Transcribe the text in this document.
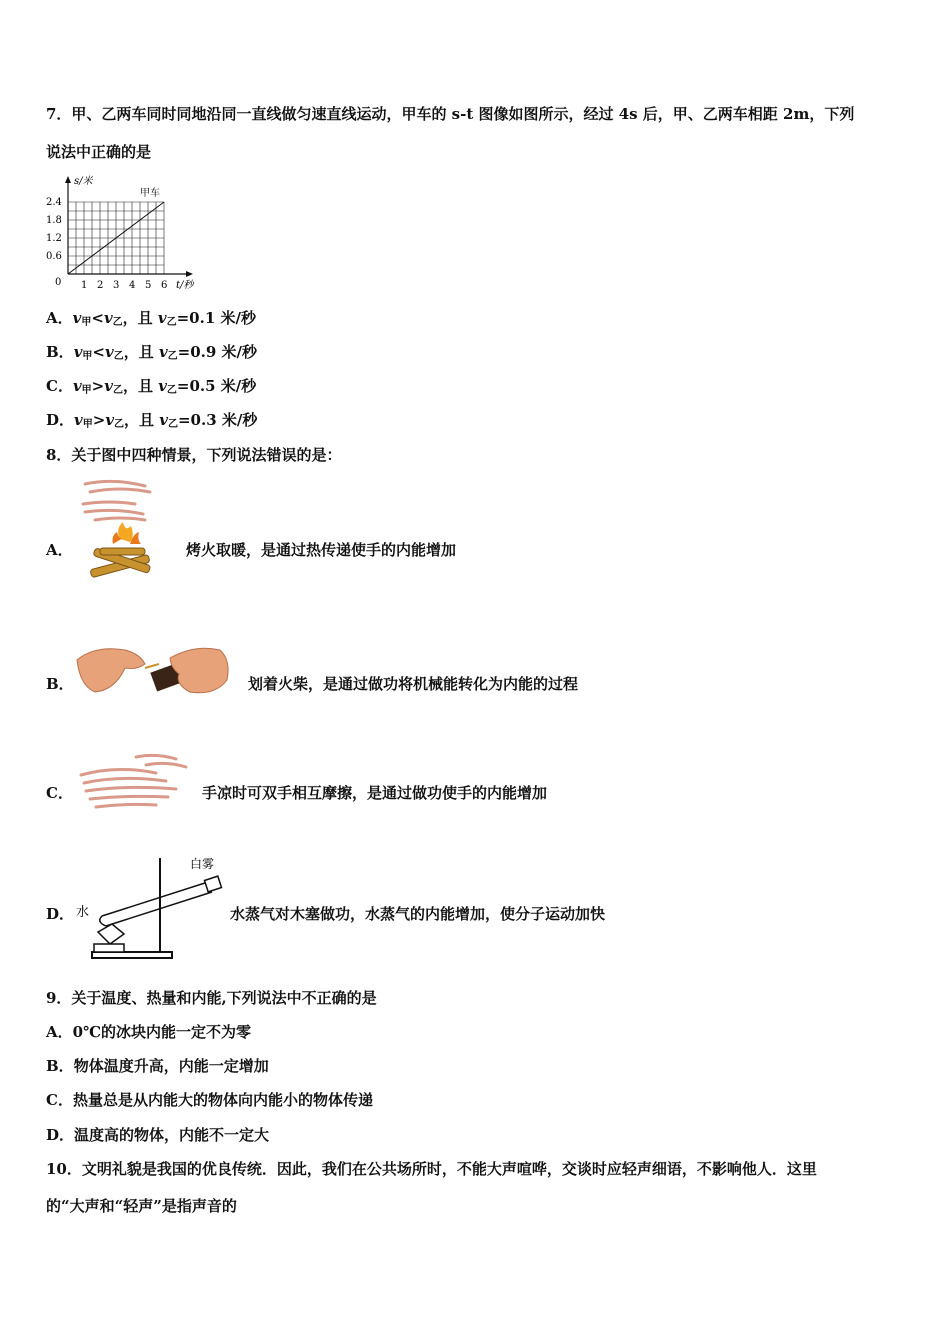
7．甲、乙两车同时同地沿同一直线做匀速直线运动，甲车的 s-t 图像如图所示，经过 4s 后，甲、乙两车相距 2m，下列
说法中正确的是
s/米
t/秒
甲车
0 1 2 3 4 5 6
2.4
1.8
1.2
0.6
A．$v_甲<v_乙$，且 $v_乙=0.1$ 米/秒
B．$v_甲<v_乙$，且 $v_乙=0.9$ 米/秒
C．$v_甲>v_乙$，且 $v_乙=0.5$ 米/秒
D．$v_甲>v_乙$，且 $v_乙=0.3$ 米/秒
8．关于图中四种情景，下列说法错误的是：
A．	烤火取暖，是通过热传递使手的内能增加
B．	划着火柴，是通过做功将机械能转化为内能的过程
C．	手凉时可双手相互摩擦，是通过做功使手的内能增加
D． 水
白雾
水蒸气对木塞做功，水蒸气的内能增加，使分子运动加快
9．关于温度、热量和内能,下列说法中不正确的是
A．0℃的冰块内能一定不为零
B．物体温度升高，内能一定增加
C．热量总是从内能大的物体向内能小的物体传递
D．温度高的物体，内能不一定大
10．文明礼貌是我国的优良传统．因此，我们在公共场所时，不能大声喧哗，交谈时应轻声细语，不影响他人．这里
的“大声和“轻声”是指声音的
